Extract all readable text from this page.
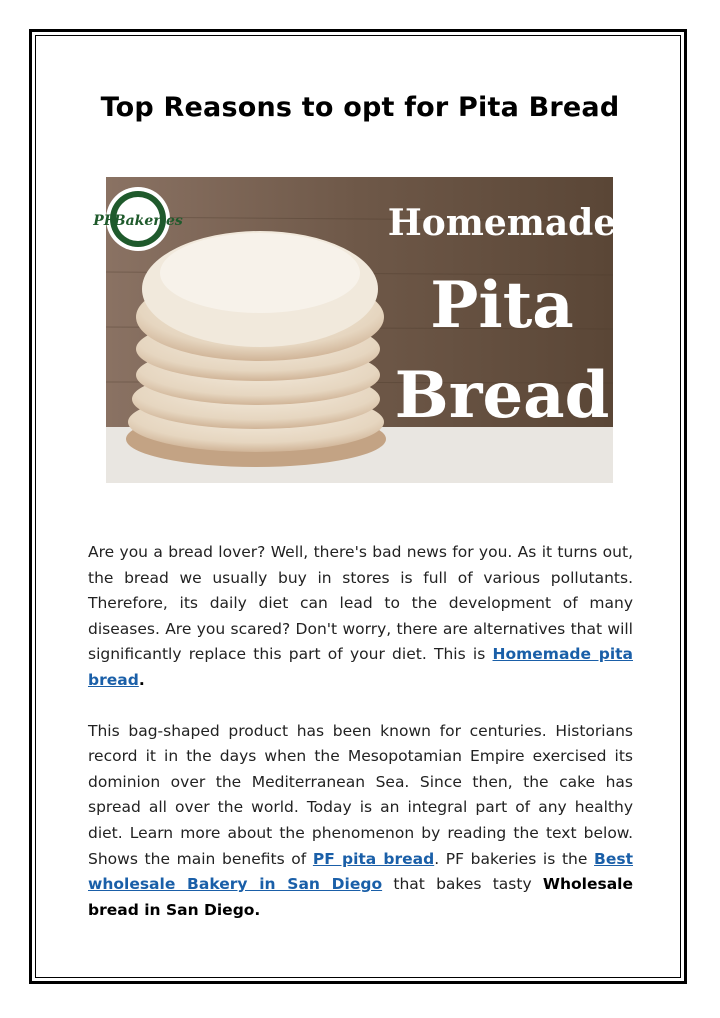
Top Reasons to opt for Pita Bread
PFBakeries	Homemade
Pita
Bread

Are you a bread lover? Well, there's bad news for you. As it turns out, the bread we usually buy in stores is full of various pollutants. Therefore, its daily diet can lead to the development of many diseases. Are you scared? Don't worry, there are alternatives that will significantly replace this part of your diet. This is Homemade pita bread.

This bag-shaped product has been known for centuries. Historians record it in the days when the Mesopotamian Empire exercised its dominion over the Mediterranean Sea. Since then, the cake has spread all over the world. Today is an integral part of any healthy diet. Learn more about the phenomenon by reading the text below. Shows the main benefits of PF pita bread. PF bakeries is the Best wholesale Bakery in San Diego that bakes tasty Wholesale bread in San Diego.
